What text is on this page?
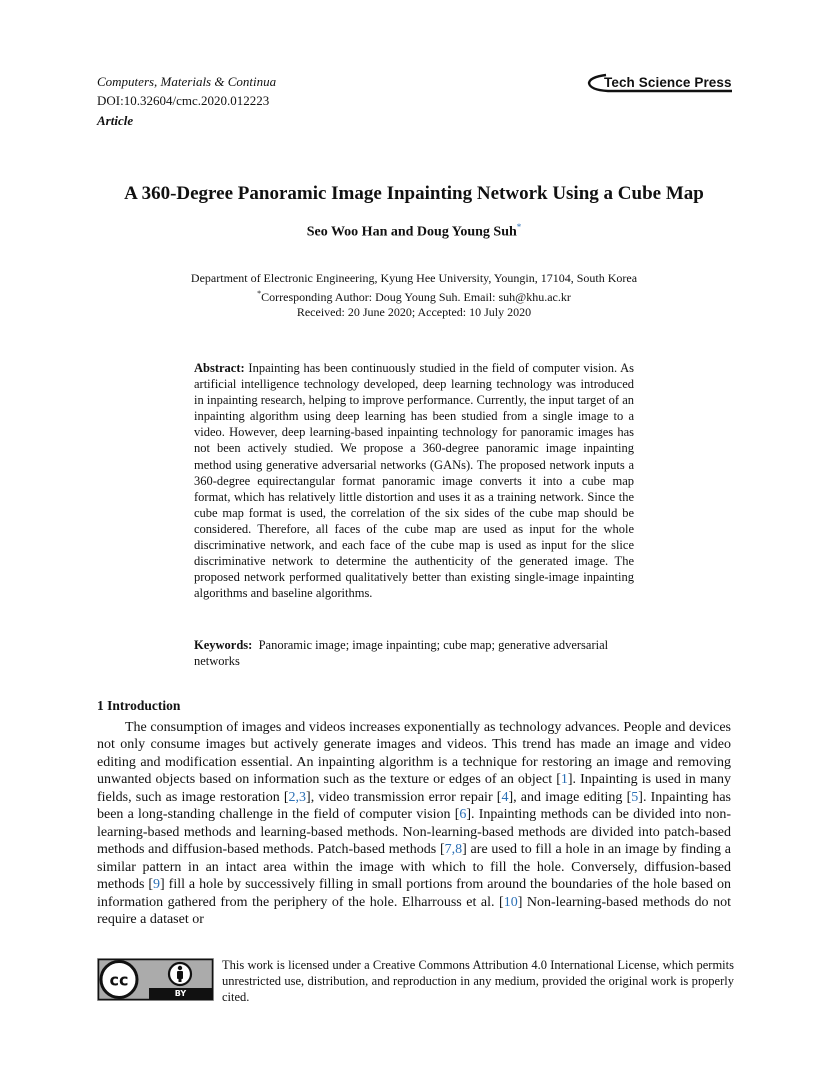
Computers, Materials & Continua
DOI:10.32604/cmc.2020.012223
Article
Tech Science Press
A 360-Degree Panoramic Image Inpainting Network Using a Cube Map
Seo Woo Han and Doug Young Suh*
Department of Electronic Engineering, Kyung Hee University, Youngin, 17104, South Korea
*Corresponding Author: Doug Young Suh. Email: suh@khu.ac.kr
Received: 20 June 2020; Accepted: 10 July 2020
Abstract: Inpainting has been continuously studied in the field of computer vision. As artificial intelligence technology developed, deep learning technology was introduced in inpainting research, helping to improve performance. Currently, the input target of an inpainting algorithm using deep learning has been studied from a single image to a video. However, deep learning-based inpainting technology for panoramic images has not been actively studied. We propose a 360-degree panoramic image inpainting method using generative adversarial networks (GANs). The proposed network inputs a 360-degree equirectangular format panoramic image converts it into a cube map format, which has relatively little distortion and uses it as a training network. Since the cube map format is used, the correlation of the six sides of the cube map should be considered. Therefore, all faces of the cube map are used as input for the whole discriminative network, and each face of the cube map is used as input for the slice discriminative network to determine the authenticity of the generated image. The proposed network performed qualitatively better than existing single-image inpainting algorithms and baseline algorithms.
Keywords: Panoramic image; image inpainting; cube map; generative adversarial networks
1 Introduction

The consumption of images and videos increases exponentially as technology advances. People and devices not only consume images but actively generate images and videos. This trend has made an image and video editing and modification essential. An inpainting algorithm is a technique for restoring an image and removing unwanted objects based on information such as the texture or edges of an object [1]. Inpainting is used in many fields, such as image restoration [2,3], video transmission error repair [4], and image editing [5]. Inpainting has been a long-standing challenge in the field of computer vision [6]. Inpainting methods can be divided into non-learning-based methods and learning-based methods. Non-learning-based methods are divided into patch-based methods and diffusion-based methods. Patch-based methods [7,8] are used to fill a hole in an image by finding a similar pattern in an intact area within the image with which to fill the hole. Conversely, diffusion-based methods [9] fill a hole by successively filling in small portions from around the boundaries of the hole based on information gathered from the periphery of the hole. Elharrouss et al. [10] Non-learning-based methods do not require a dataset or

cc
BY
This work is licensed under a Creative Commons Attribution 4.0 International License, which permits unrestricted use, distribution, and reproduction in any medium, provided the original work is properly cited.
